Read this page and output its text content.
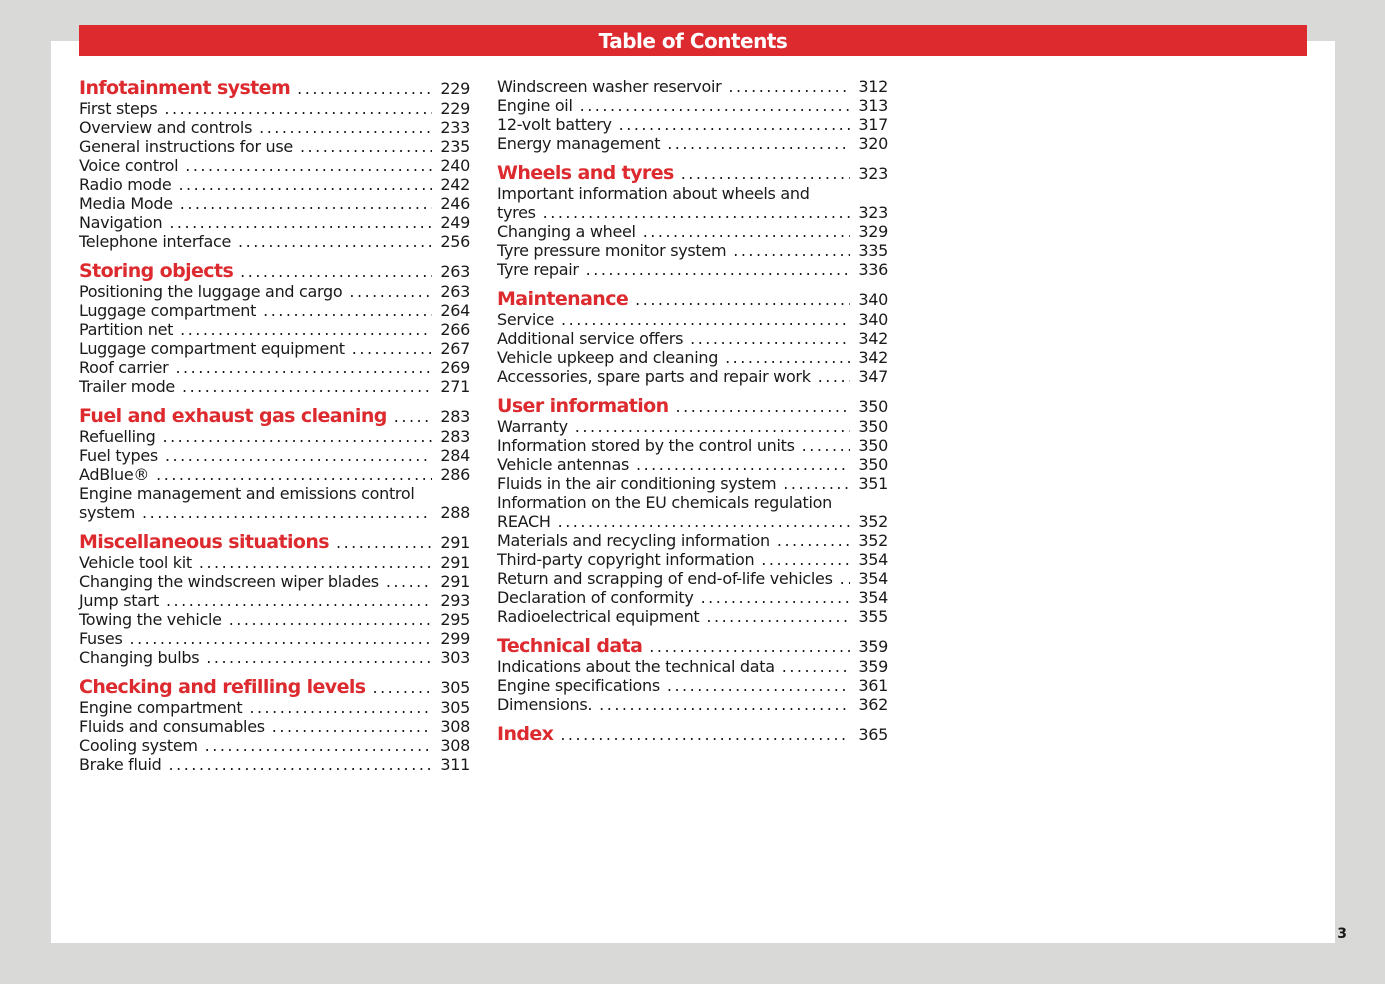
Table of Contents
Infotainment system .....	229
First steps .....	229
Overview and controls .....	233
General instructions for use .....	235
Voice control .....	240
Radio mode .....	242
Media Mode .....	246
Navigation .....	249
Telephone interface .....	256
Storing objects .....	263
Positioning the luggage and cargo .....	263
Luggage compartment .....	264
Partition net .....	266
Luggage compartment equipment .....	267
Roof carrier .....	269
Trailer mode .....	271
Fuel and exhaust gas cleaning .....	283
Refuelling .....	283
Fuel types .....	284
AdBlue® .....	286
Engine management and emissions control
system .....	288
Miscellaneous situations .....	291
Vehicle tool kit .....	291
Changing the windscreen wiper blades .....	291
Jump start .....	293
Towing the vehicle .....	295
Fuses .....	299
Changing bulbs .....	303
Checking and refilling levels .....	305
Engine compartment .....	305
Fluids and consumables .....	308
Cooling system .....	308
Brake fluid .....	311
Windscreen washer reservoir .....	312
Engine oil .....	313
12-volt battery .....	317
Energy management .....	320
Wheels and tyres .....	323
Important information about wheels and
tyres .....	323
Changing a wheel .....	329
Tyre pressure monitor system .....	335
Tyre repair .....	336
Maintenance .....	340
Service .....	340
Additional service offers .....	342
Vehicle upkeep and cleaning .....	342
Accessories, spare parts and repair work .....	347
User information .....	350
Warranty .....	350
Information stored by the control units .....	350
Vehicle antennas .....	350
Fluids in the air conditioning system .....	351
Information on the EU chemicals regulation
REACH .....	352
Materials and recycling information .....	352
Third-party copyright information .....	354
Return and scrapping of end-of-life vehicles ..... 354
Declaration of conformity .....	354
Radioelectrical equipment .....	355
Technical data .....	359
Indications about the technical data .....	359
Engine specifications .....	361
Dimensions. .....	362
Index .....	365
3
